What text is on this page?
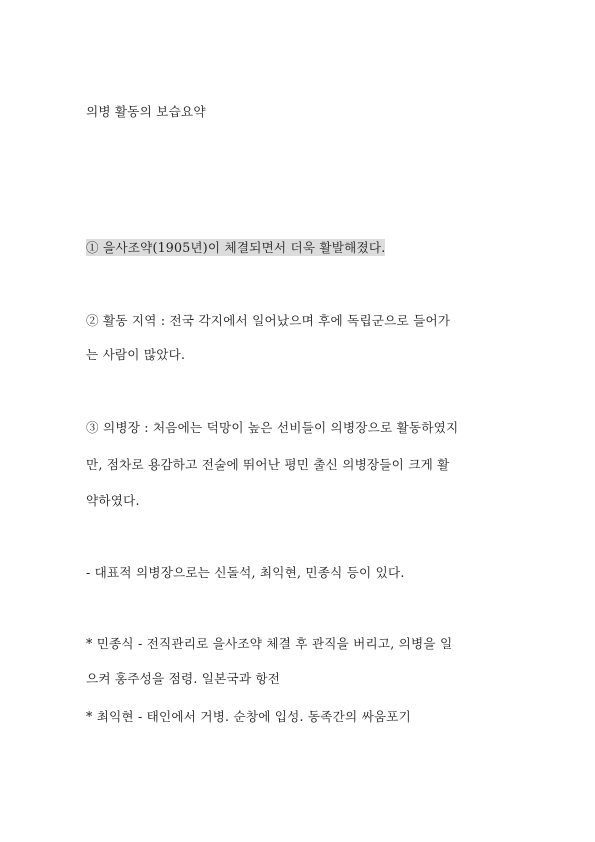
의병 활동의 보습요약
① 을사조약(1905년)이 체결되면서 더욱 활발해졌다.
② 활동 지역 : 전국 각지에서 일어났으며 후에 독립군으로 들어가
는 사람이 많았다.
③ 의병장 : 처음에는 덕망이 높은 선비들이 의병장으로 활동하였지
만, 점차로 용감하고 전술에 뛰어난 평민 출신 의병장들이 크게 활
약하였다.
- 대표적 의병장으로는 신돌석, 최익현, 민종식 등이 있다.
* 민종식 - 전직관리로 을사조약 체결 후 관직을 버리고, 의병을 일
으켜 홍주성을 점령. 일본국과 항전
* 최익현 - 태인에서 거병. 순창에 입성. 동족간의 싸움포기
